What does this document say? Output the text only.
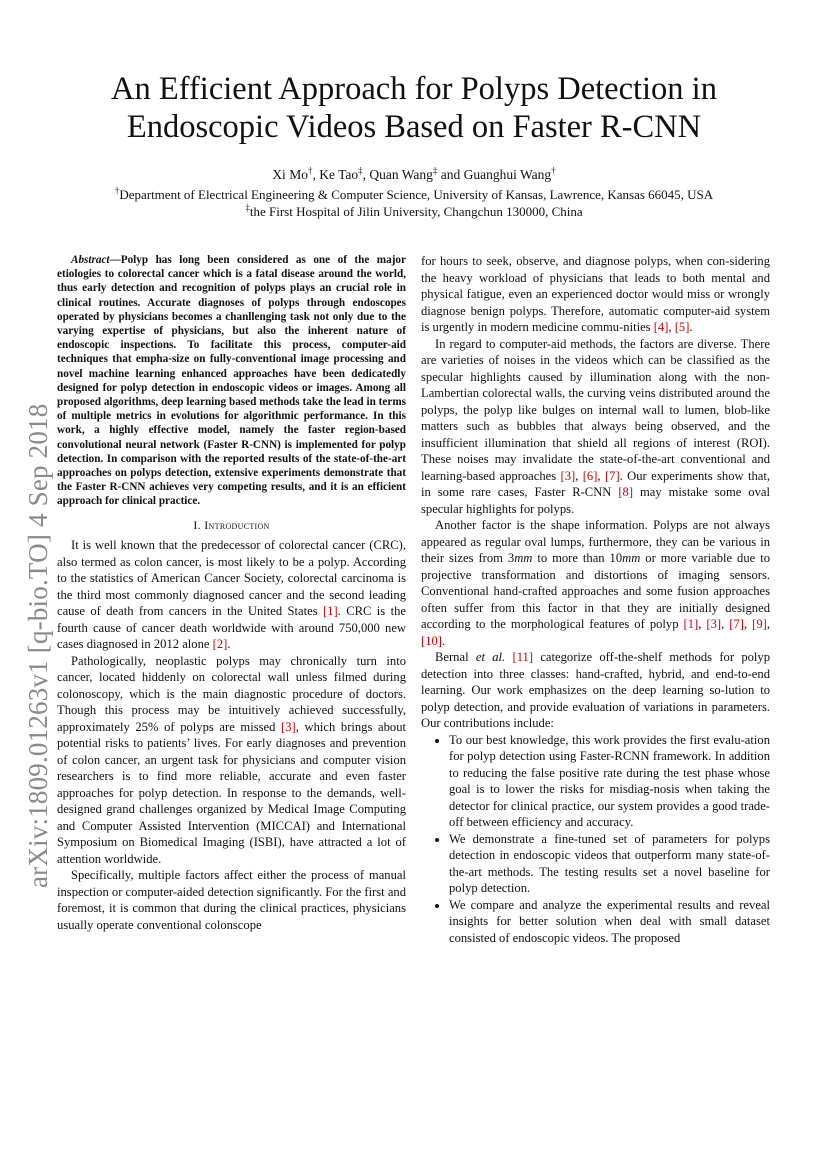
arXiv:1809.01263v1 [q-bio.TO] 4 Sep 2018
An Efficient Approach for Polyps Detection in
Endoscopic Videos Based on Faster R-CNN
Xi Mo†, Ke Tao‡, Quan Wang‡ and Guanghui Wang†
†Department of Electrical Engineering & Computer Science, University of Kansas, Lawrence, Kansas 66045, USA
‡the First Hospital of Jilin University, Changchun 130000, China

Abstract—Polyp has long been considered as one of the major etiologies to colorectal cancer which is a fatal disease around the world, thus early detection and recognition of polyps plays an crucial role in clinical routines. Accurate diagnoses of polyps through endoscopes operated by physicians becomes a chanllenging task not only due to the varying expertise of physicians, but also the inherent nature of endoscopic inspections. To facilitate this process, computer-aid techniques that empha-size on fully-conventional image processing and novel machine learning enhanced approaches have been dedicatedly designed for polyp detection in endoscopic videos or images. Among all proposed algorithms, deep learning based methods take the lead in terms of multiple metrics in evolutions for algorithmic performance. In this work, a highly effective model, namely the faster region-based convolutional neural network (Faster R-CNN) is implemented for polyp detection. In comparison with the reported results of the state-of-the-art approaches on polyps detection, extensive experiments demonstrate that the Faster R-CNN achieves very competing results, and it is an efficient approach for clinical practice.

I. Introduction

It is well known that the predecessor of colorectal cancer (CRC), also termed as colon cancer, is most likely to be a polyp. According to the statistics of American Cancer Society, colorectal carcinoma is the third most commonly diagnosed cancer and the second leading cause of death from cancers in the United States [1]. CRC is the fourth cause of cancer death worldwide with around 750,000 new cases diagnosed in 2012 alone [2].

Pathologically, neoplastic polyps may chronically turn into cancer, located hiddenly on colorectal wall unless filmed during colonoscopy, which is the main diagnostic procedure of doctors. Though this process may be intuitively achieved successfully, approximately 25% of polyps are missed [3], which brings about potential risks to patients’ lives. For early diagnoses and prevention of colon cancer, an urgent task for physicians and computer vision researchers is to find more reliable, accurate and even faster approaches for polyp detection. In response to the demands, well-designed grand challenges organized by Medical Image Computing and Computer Assisted Intervention (MICCAI) and International Symposium on Biomedical Imaging (ISBI), have attracted a lot of attention worldwide.

Specifically, multiple factors affect either the process of manual inspection or computer-aided detection significantly. For the first and foremost, it is common that during the clinical practices, physicians usually operate conventional colonscope

for hours to seek, observe, and diagnose polyps, when con-sidering the heavy workload of physicians that leads to both mental and physical fatigue, even an experienced doctor would miss or wrongly diagnose benign polyps. Therefore, automatic computer-aid system is urgently in modern medicine commu-nities [4], [5].

In regard to computer-aid methods, the factors are diverse. There are varieties of noises in the videos which can be classified as the specular highlights caused by illumination along with the non-Lambertian colorectal walls, the curving veins distributed around the polyps, the polyp like bulges on internal wall to lumen, blob-like matters such as bubbles that always being observed, and the insufficient illumination that shield all regions of interest (ROI). These noises may invalidate the state-of-the-art conventional and learning-based approaches [3], [6], [7]. Our experiments show that, in some rare cases, Faster R-CNN [8] may mistake some oval specular highlights for polyps.

Another factor is the shape information. Polyps are not always appeared as regular oval lumps, furthermore, they can be various in their sizes from 3mm to more than 10mm or more variable due to projective transformation and distortions of imaging sensors. Conventional hand-crafted approaches and some fusion approaches often suffer from this factor in that they are initially designed according to the morphological features of polyp [1], [3], [7], [9], [10].

Bernal et al. [11] categorize off-the-shelf methods for polyp detection into three classes: hand-crafted, hybrid, and end-to-end learning. Our work emphasizes on the deep learning so-lution to polyp detection, and provide evaluation of variations in parameters. Our contributions include:

• To our best knowledge, this work provides the first evalu-ation for polyp detection using Faster-RCNN framework. In addition to reducing the false positive rate during the test phase whose goal is to lower the risks for misdiag-nosis when taking the detector for clinical practice, our system provides a good trade-off between efficiency and accuracy.
• We demonstrate a fine-tuned set of parameters for polyps detection in endoscopic videos that outperform many state-of-the-art methods. The testing results set a novel baseline for polyp detection.
• We compare and analyze the experimental results and reveal insights for better solution when deal with small dataset consisted of endoscopic videos. The proposed
